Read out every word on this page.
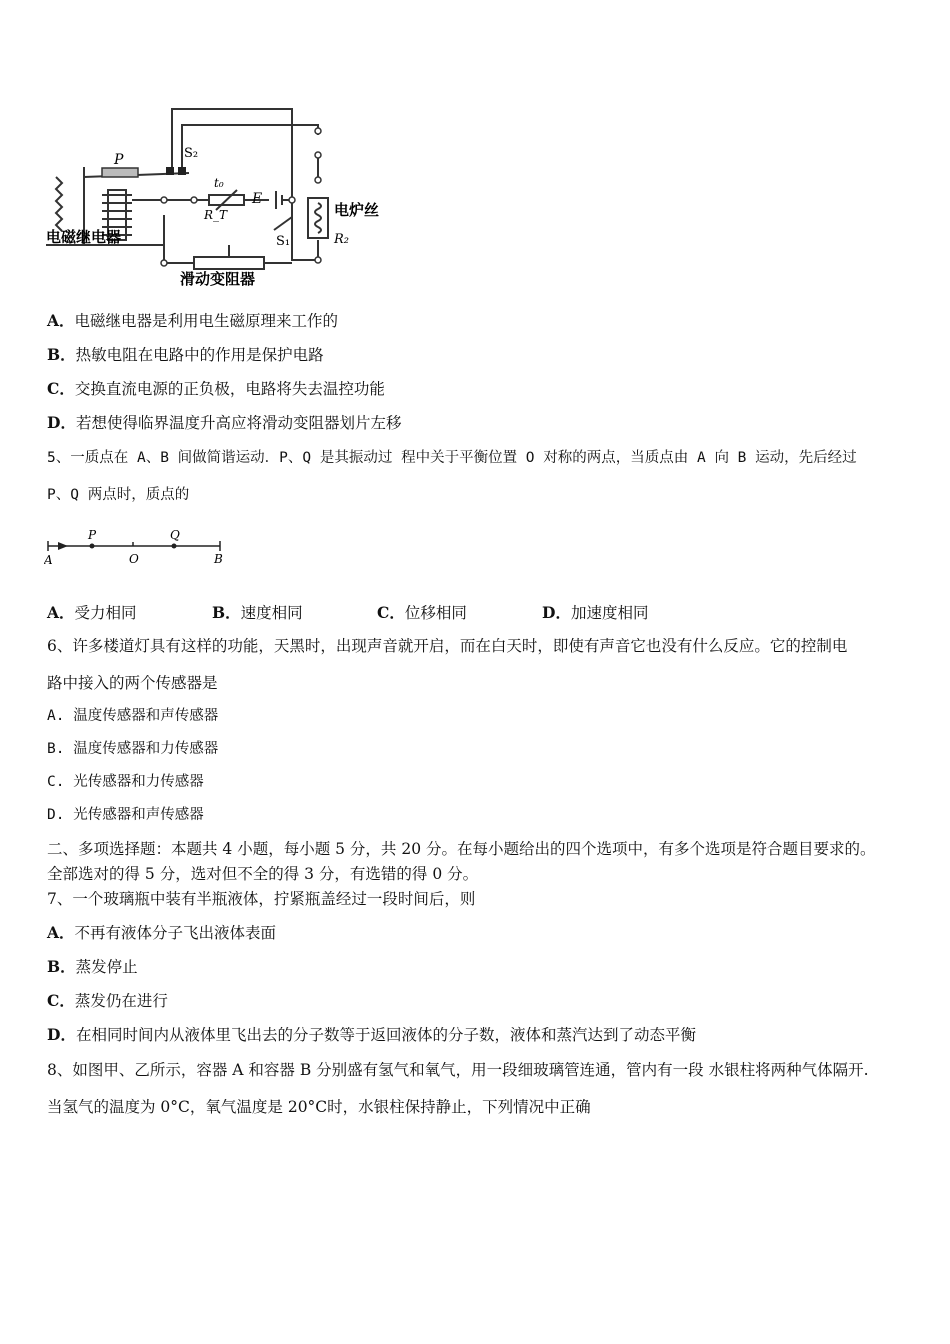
P	S₂
t₀
E
R_T
S₁
电炉丝
R₂
电磁继电器
滑动变阻器
A．电磁继电器是利用电生磁原理来工作的
B．热敏电阻在电路中的作用是保护电路
C．交换直流电源的正负极，电路将失去温控功能
D．若想使得临界温度升高应将滑动变阻器划片左移
5、一质点在 A、B 间做简谐运动．P、Q 是其振动过 程中关于平衡位置 O 对称的两点，当质点由 A 向 B 运动，先后经过
P、Q 两点时，质点的
A
P
O
Q
B
A．受力相同	B．速度相同	C．位移相同	D．加速度相同
6、许多楼道灯具有这样的功能，天黑时，出现声音就开启，而在白天时，即使有声音它也没有什么反应。它的控制电
路中接入的两个传感器是
A. 温度传感器和声传感器
B. 温度传感器和力传感器
C. 光传感器和力传感器
D. 光传感器和声传感器
二、多项选择题：本题共 4 小题，每小题 5 分，共 20 分。在每小题给出的四个选项中，有多个选项是符合题目要求的。
全部选对的得 5 分，选对但不全的得 3 分，有选错的得 0 分。
7、一个玻璃瓶中装有半瓶液体，拧紧瓶盖经过一段时间后，则
A．不再有液体分子飞出液体表面
B．蒸发停止
C．蒸发仍在进行
D．在相同时间内从液体里飞出去的分子数等于返回液体的分子数，液体和蒸汽达到了动态平衡
8、如图甲、乙所示，容器 A 和容器 B 分别盛有氢气和氧气，用一段细玻璃管连通，管内有一段 水银柱将两种气体隔开.
当氢气的温度为 0°C，氧气温度是 20°C时，水银柱保持静止，下列情况中正确
